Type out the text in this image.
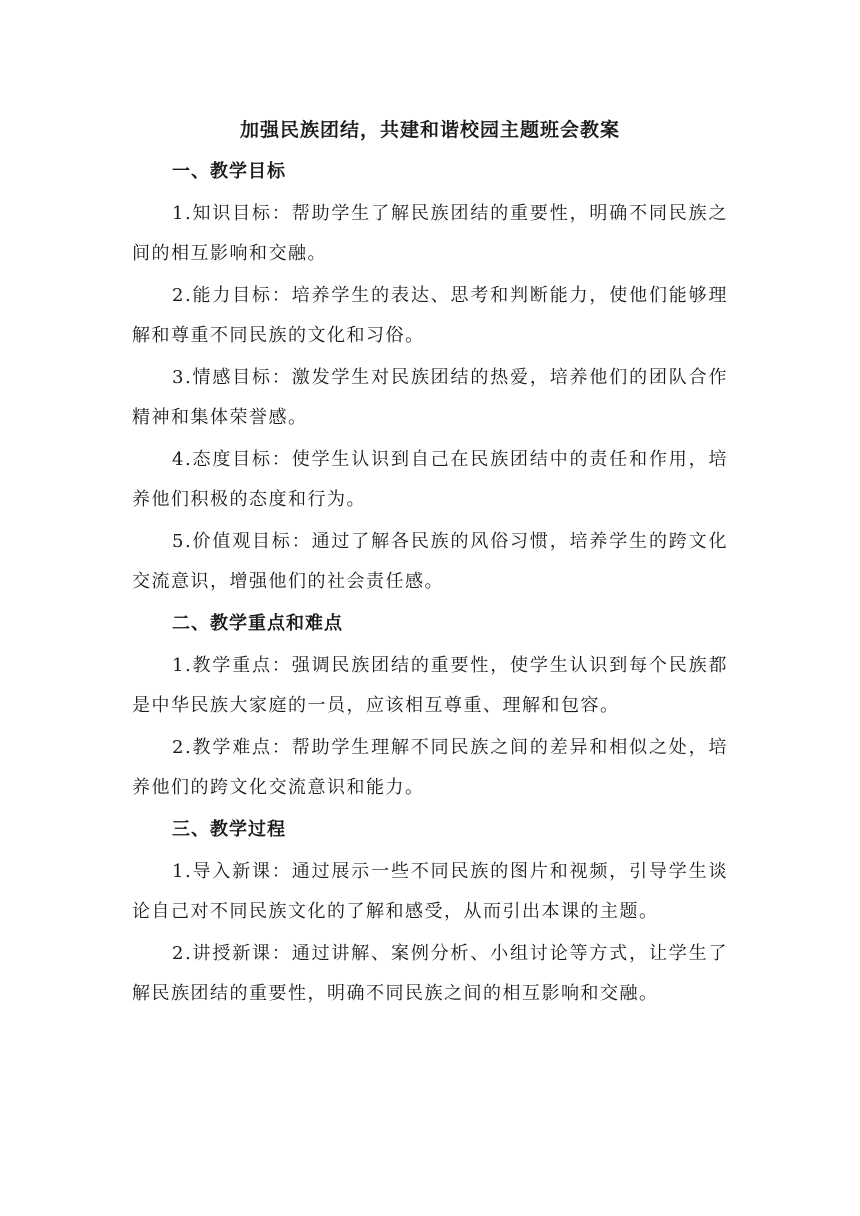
加强民族团结，共建和谐校园主题班会教案
一、教学目标

1.知识目标：帮助学生了解民族团结的重要性，明确不同民族之间的相互影响和交融。

2.能力目标：培养学生的表达、思考和判断能力，使他们能够理解和尊重不同民族的文化和习俗。

3.情感目标：激发学生对民族团结的热爱，培养他们的团队合作精神和集体荣誉感。

4.态度目标：使学生认识到自己在民族团结中的责任和作用，培养他们积极的态度和行为。

5.价值观目标：通过了解各民族的风俗习惯，培养学生的跨文化交流意识，增强他们的社会责任感。

二、教学重点和难点

1.教学重点：强调民族团结的重要性，使学生认识到每个民族都是中华民族大家庭的一员，应该相互尊重、理解和包容。

2.教学难点：帮助学生理解不同民族之间的差异和相似之处，培养他们的跨文化交流意识和能力。

三、教学过程

1.导入新课：通过展示一些不同民族的图片和视频，引导学生谈论自己对不同民族文化的了解和感受，从而引出本课的主题。

2.讲授新课：通过讲解、案例分析、小组讨论等方式，让学生了解民族团结的重要性，明确不同民族之间的相互影响和交融。
